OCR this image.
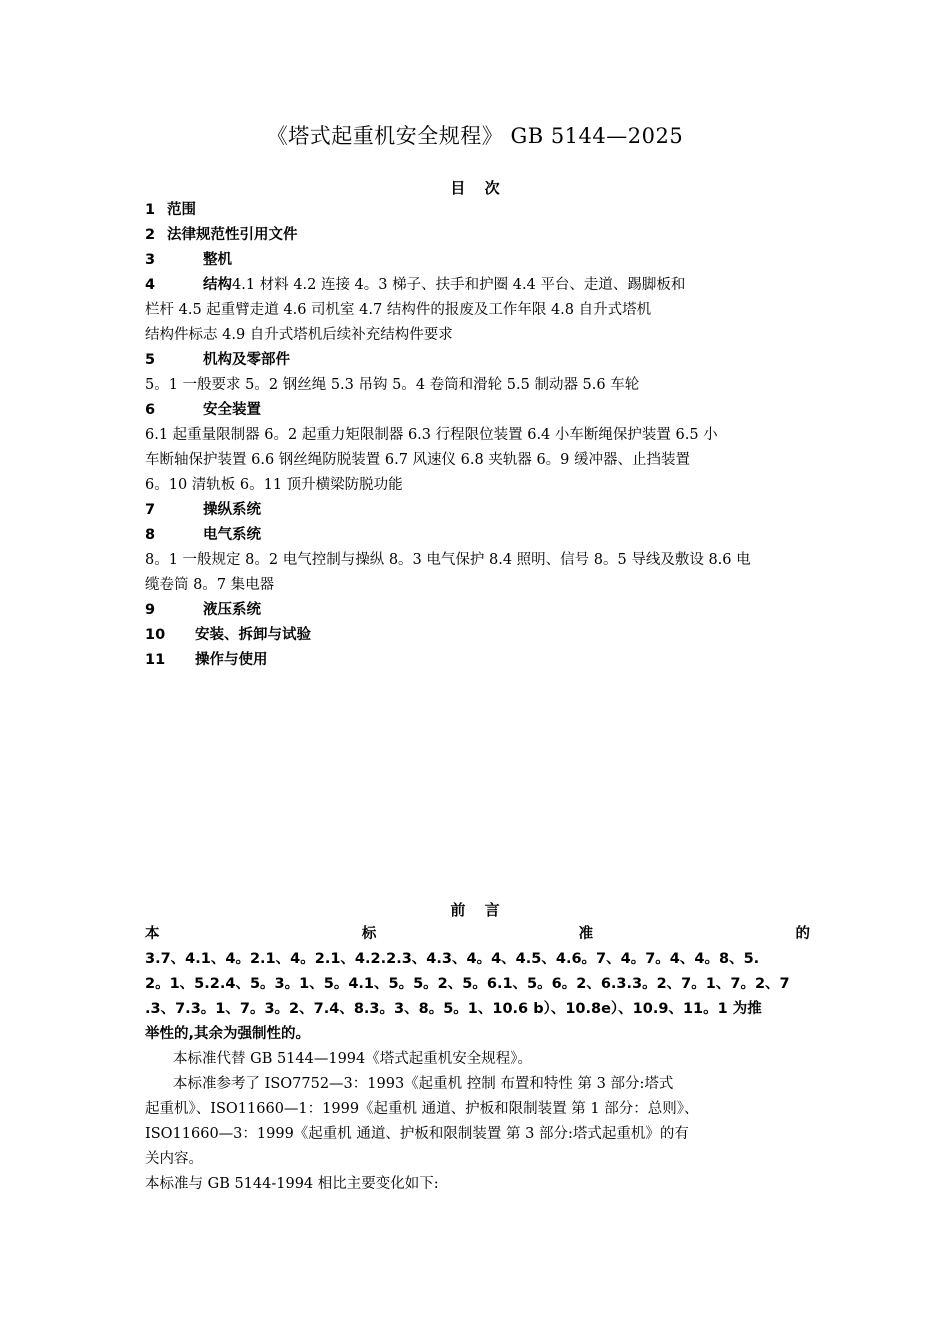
《塔式起重机安全规程》 GB 5144—2025
目 次
1 范围
2 法律规范性引用文件
3	整机
4	结构4.1 材料 4.2 连接 4。3 梯子、扶手和护圈 4.4 平台、走道、踢脚板和
栏杆 4.5 起重臂走道 4.6 司机室 4.7 结构件的报废及工作年限 4.8 自升式塔机
结构件标志 4.9 自升式塔机后续补充结构件要求
5	机构及零部件
5。1 一般要求 5。2 钢丝绳 5.3 吊钩 5。4 卷筒和滑轮 5.5 制动器 5.6 车轮
6	安全装置
6.1 起重量限制器 6。2 起重力矩限制器 6.3 行程限位装置 6.4 小车断绳保护装置 6.5 小
车断轴保护装置 6.6 钢丝绳防脱装置 6.7 风速仪 6.8 夹轨器 6。9 缓冲器、止挡装置
6。10 清轨板 6。11 顶升横梁防脱功能
7	操纵系统
8	电气系统
8。1 一般规定 8。2 电气控制与操纵 8。3 电气保护 8.4 照明、信号 8。5 导线及敷设 8.6 电
缆卷筒 8。7 集电器
9	液压系统
10 安装、拆卸与试验
11 操作与使用
前 言
本	标	准	的
3.7、4.1、4。2.1、4。2.1、4.2.2.3、4.3、4。4、4.5、4.6。7、4。7。4、4。8、5.
2。1、5.2.4、5。3。1、5。4.1、5。5。2、5。6.1、5。6。2、6.3.3。2、7。1、7。2、7
.3、7.3。1、7。3。2、7.4、8.3。3、8。5。1、10.6 b）、10.8e）、10.9、11。1 为推
举性的,其余为强制性的。
本标准代替 GB 5144—1994《塔式起重机安全规程》。
本标准参考了 ISO7752—3：1993《起重机 控制 布置和特性 第 3 部分:塔式
起重机》、ISO11660—1：1999《起重机 通道、护板和限制装置 第 1 部分：总则》、
ISO11660—3：1999《起重机 通道、护板和限制装置 第 3 部分:塔式起重机》的有
关内容。
本标准与 GB 5144-1994 相比主要变化如下:
